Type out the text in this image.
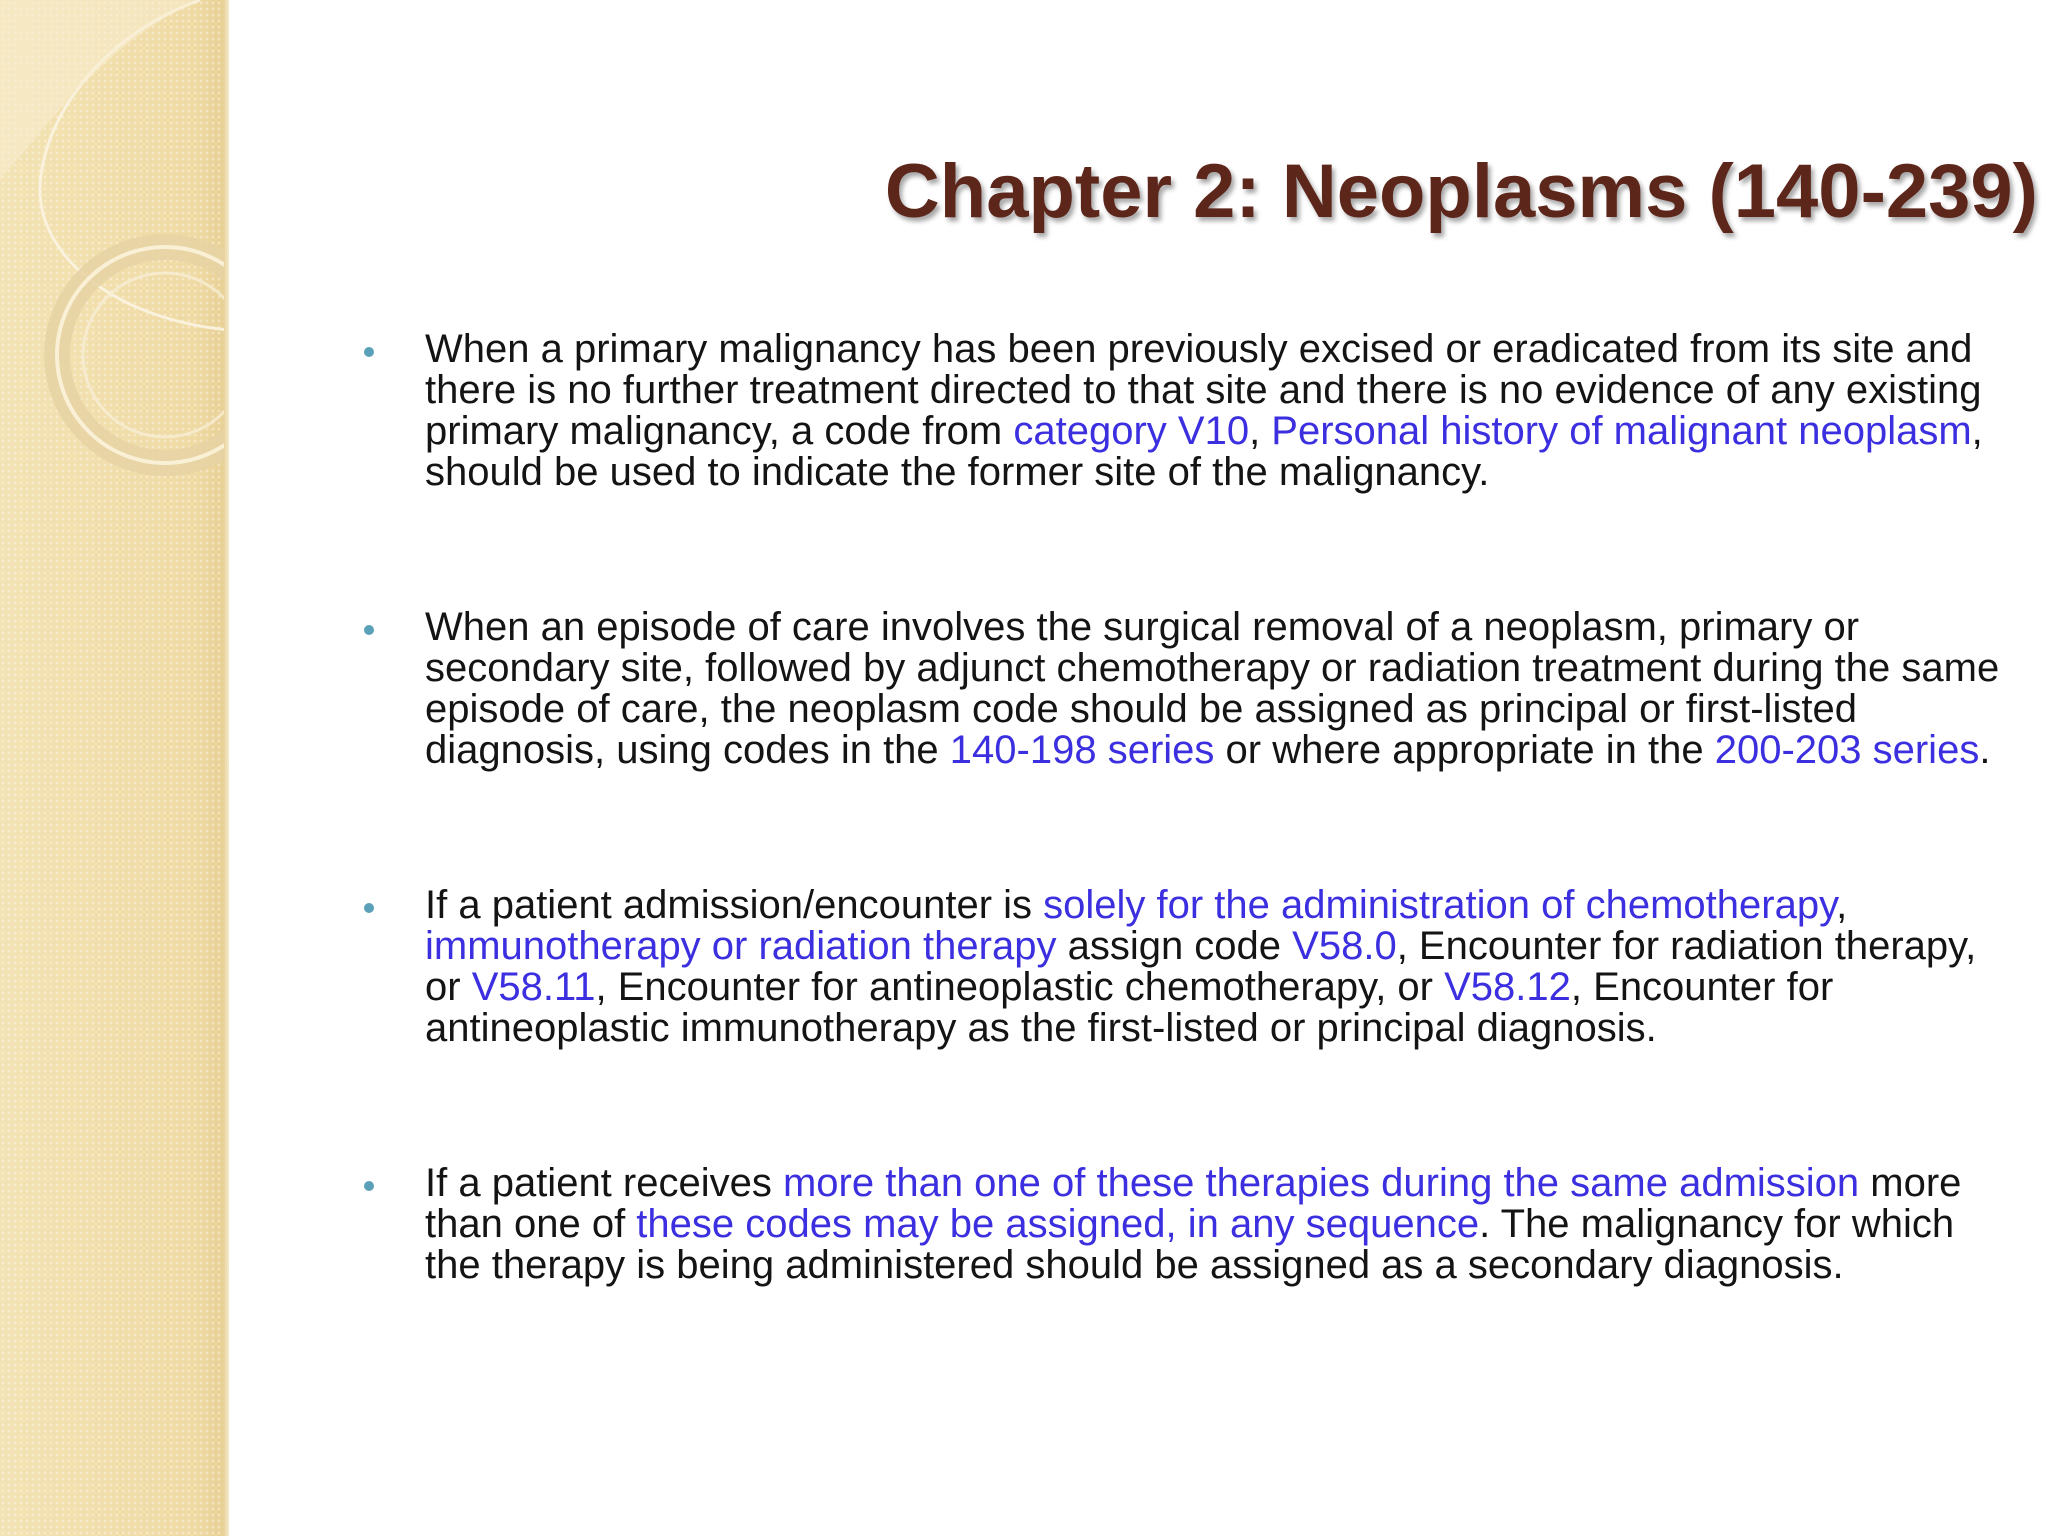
Chapter 2: Neoplasms (140-239)
When a primary malignancy has been previously excised or eradicated from its site and there is no further treatment directed to that site and there is no evidence of any existing primary malignancy, a code from category V10, Personal history of malignant neoplasm, should be used to indicate the former site of the malignancy.
When an episode of care involves the surgical removal of a neoplasm, primary or secondary site, followed by adjunct chemotherapy or radiation treatment during the same episode of care, the neoplasm code should be assigned as principal or first-listed diagnosis, using codes in the 140-198 series or where appropriate in the 200-203 series.
If a patient admission/encounter is solely for the administration of chemotherapy, immunotherapy or radiation therapy assign code V58.0, Encounter for radiation therapy, or V58.11, Encounter for antineoplastic chemotherapy, or V58.12, Encounter for antineoplastic immunotherapy as the first-listed or principal diagnosis.
If a patient receives more than one of these therapies during the same admission more than one of these codes may be assigned, in any sequence. The malignancy for which the therapy is being administered should be assigned as a secondary diagnosis.
